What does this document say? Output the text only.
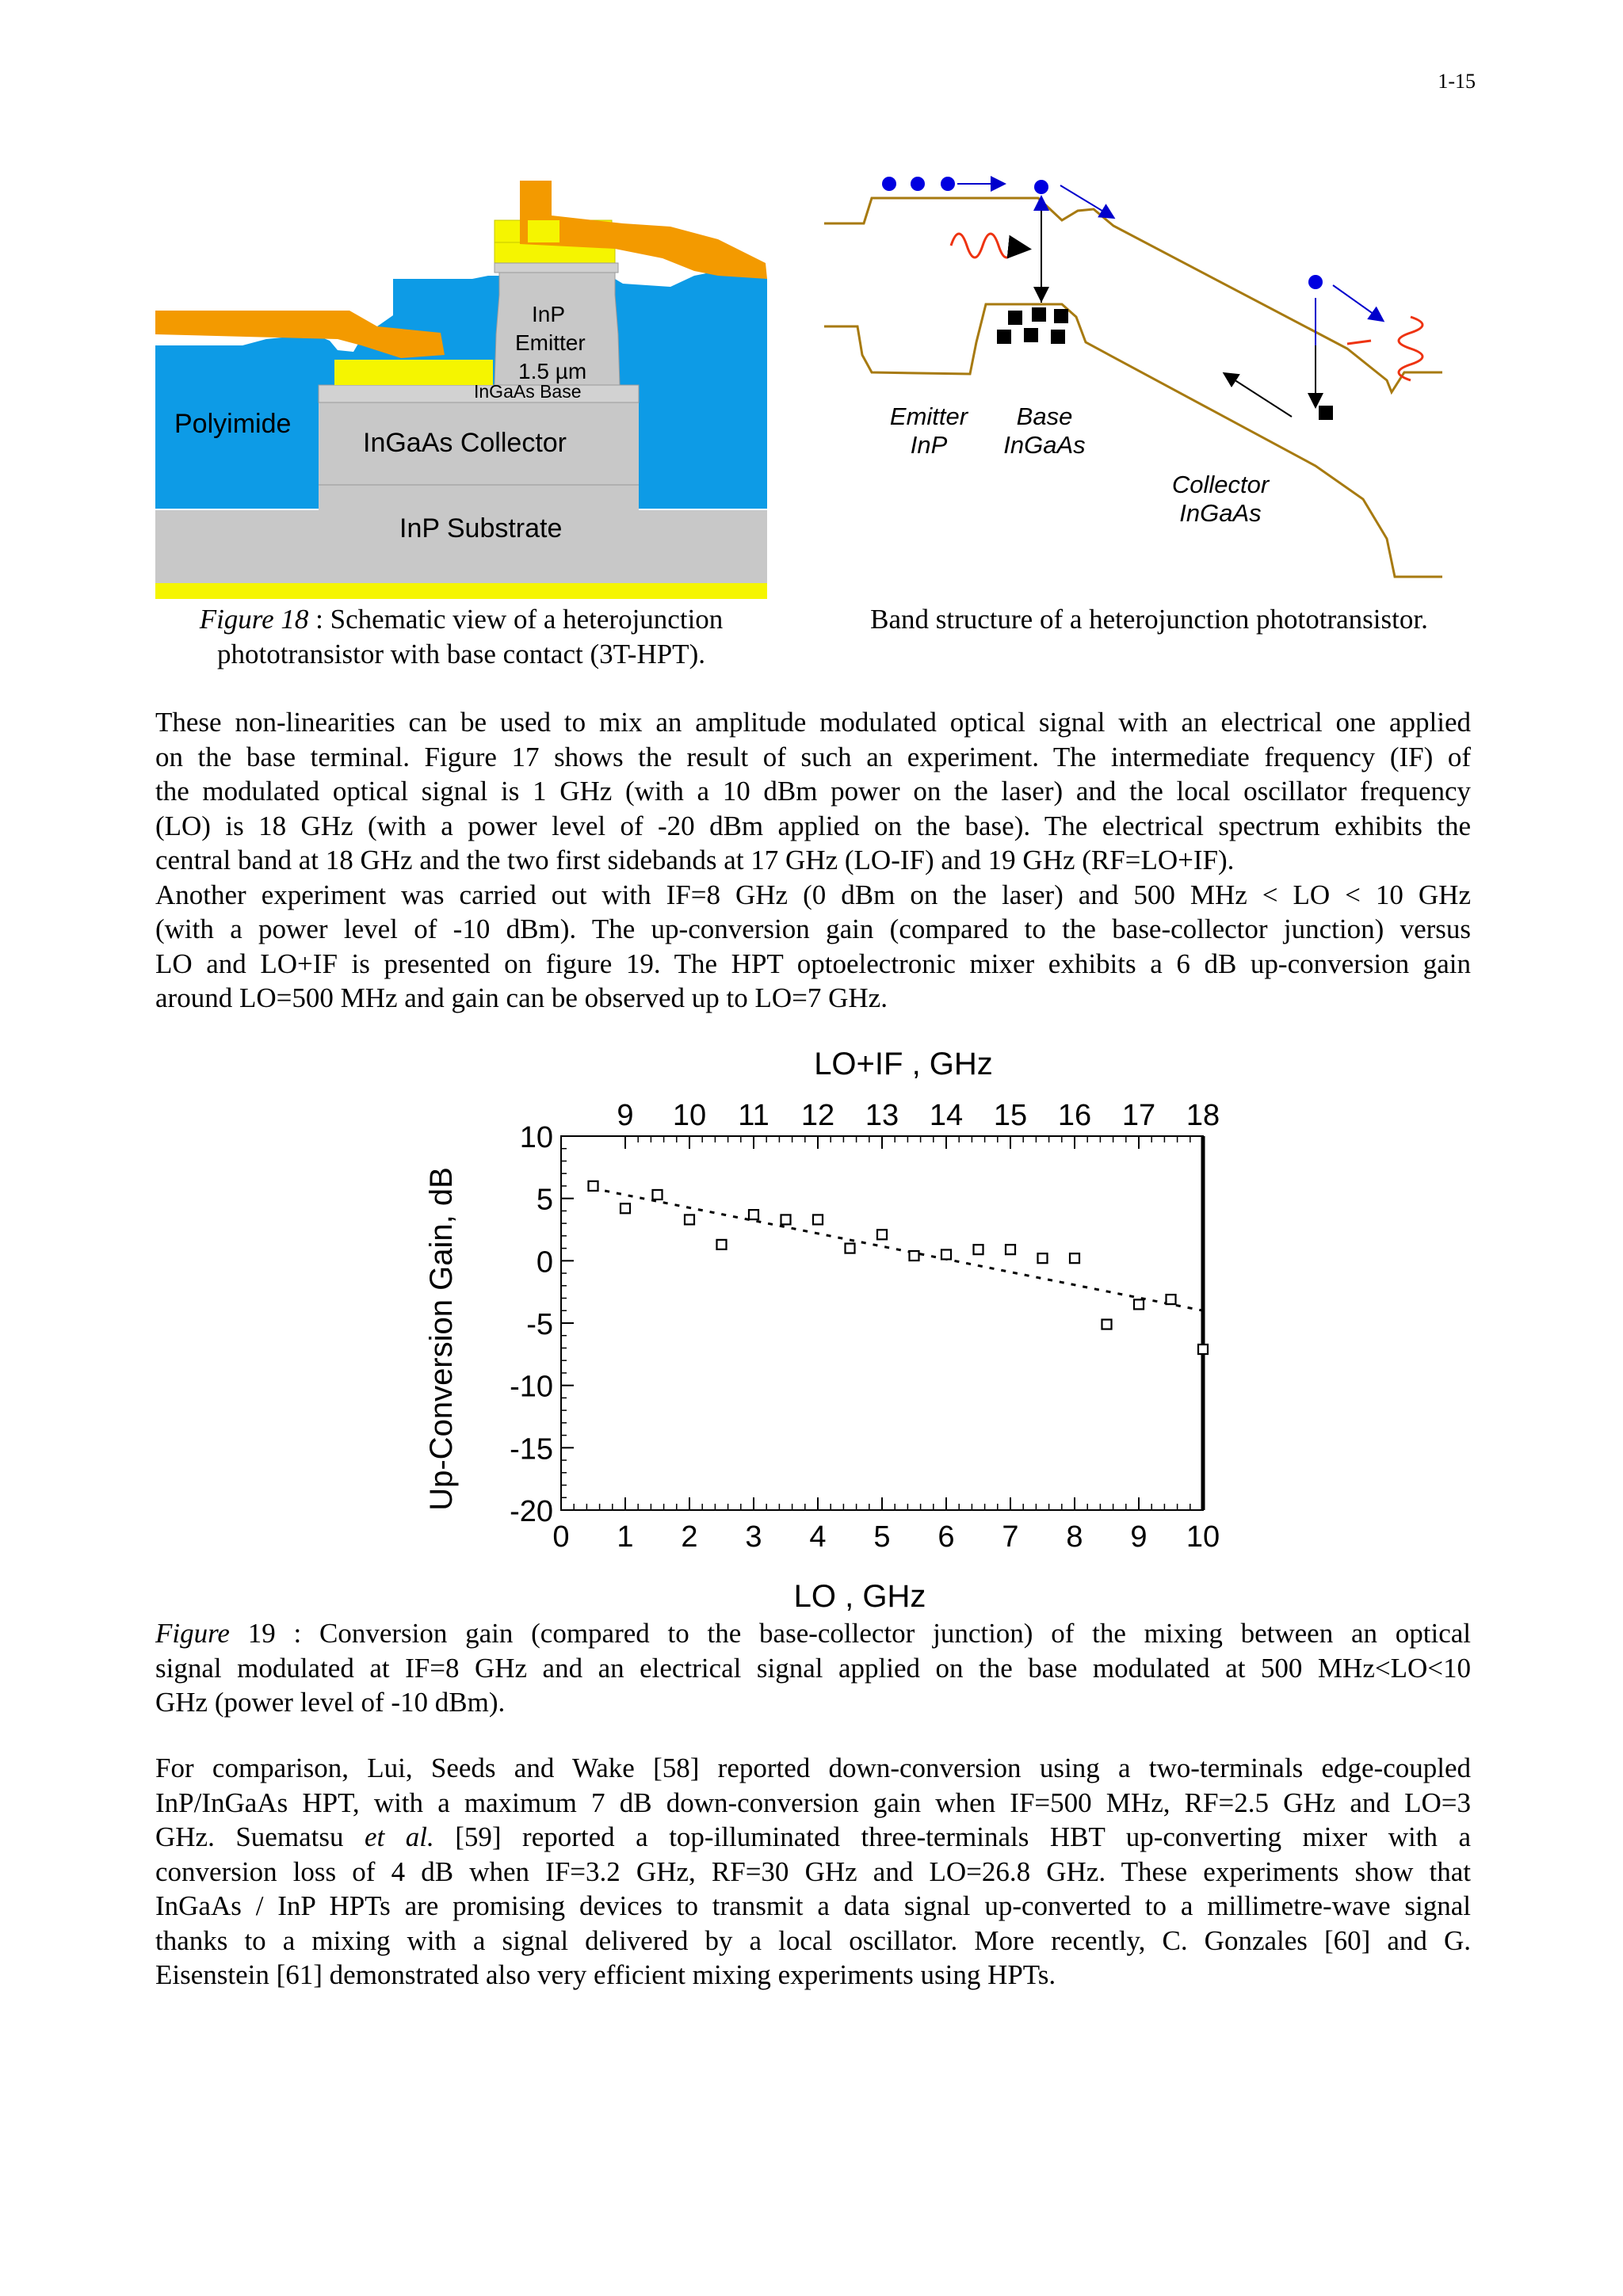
1-15
Polyimide
InGaAs Collector
InP Substrate
InGaAs Base
InP
Emitter
1.5 µm
Figure 18 : Schematic view of a heterojunction
phototransistor with base contact (3T-HPT).
Emitter
InP
Base
InGaAs
Collector
InGaAs
Band structure of a heterojunction phototransistor.
These non-linearities can be used to mix an amplitude modulated optical signal with an electrical one applied
on the base terminal. Figure 17 shows the result of such an experiment. The intermediate frequency (IF) of
the modulated optical signal is 1 GHz (with a 10 dBm power on the laser) and the local oscillator frequency
(LO) is 18 GHz (with a power level of -20 dBm applied on the base). The electrical spectrum exhibits the
central band at 18 GHz and the two first sidebands at 17 GHz (LO-IF) and 19 GHz (RF=LO+IF).
Another experiment was carried out with IF=8 GHz (0 dBm on the laser) and 500 MHz < LO < 10 GHz
(with a power level of -10 dBm). The up-conversion gain (compared to the base-collector junction) versus
LO and LO+IF is presented on figure 19. The HPT optoelectronic mixer exhibits a 6 dB up-conversion gain
around LO=500 MHz and gain can be observed up to LO=7 GHz.
LO+IF , GHz
LO , GHz
Up-Conversion Gain, dB
0 1 2 3 4 5 6 7 8 9 10
10
5
0
-5
-10
-15
-20
9 10 11 12 13 14 15 16 17 18
Figure 19 : Conversion gain (compared to the base-collector junction) of the mixing between an optical
signal modulated at IF=8 GHz and an electrical signal applied on the base modulated at 500 MHz<LO<10
GHz (power level of -10 dBm).
For comparison, Lui, Seeds and Wake [58] reported down-conversion using a two-terminals edge-coupled
InP/InGaAs HPT, with a maximum 7 dB down-conversion gain when IF=500 MHz, RF=2.5 GHz and LO=3
GHz. Suematsu et al. [59] reported a top-illuminated three-terminals HBT up-converting mixer with a
conversion loss of 4 dB when IF=3.2 GHz, RF=30 GHz and LO=26.8 GHz. These experiments show that
InGaAs / InP HPTs are promising devices to transmit a data signal up-converted to a millimetre-wave signal
thanks to a mixing with a signal delivered by a local oscillator. More recently, C. Gonzales [60] and G.
Eisenstein [61] demonstrated also very efficient mixing experiments using HPTs.
